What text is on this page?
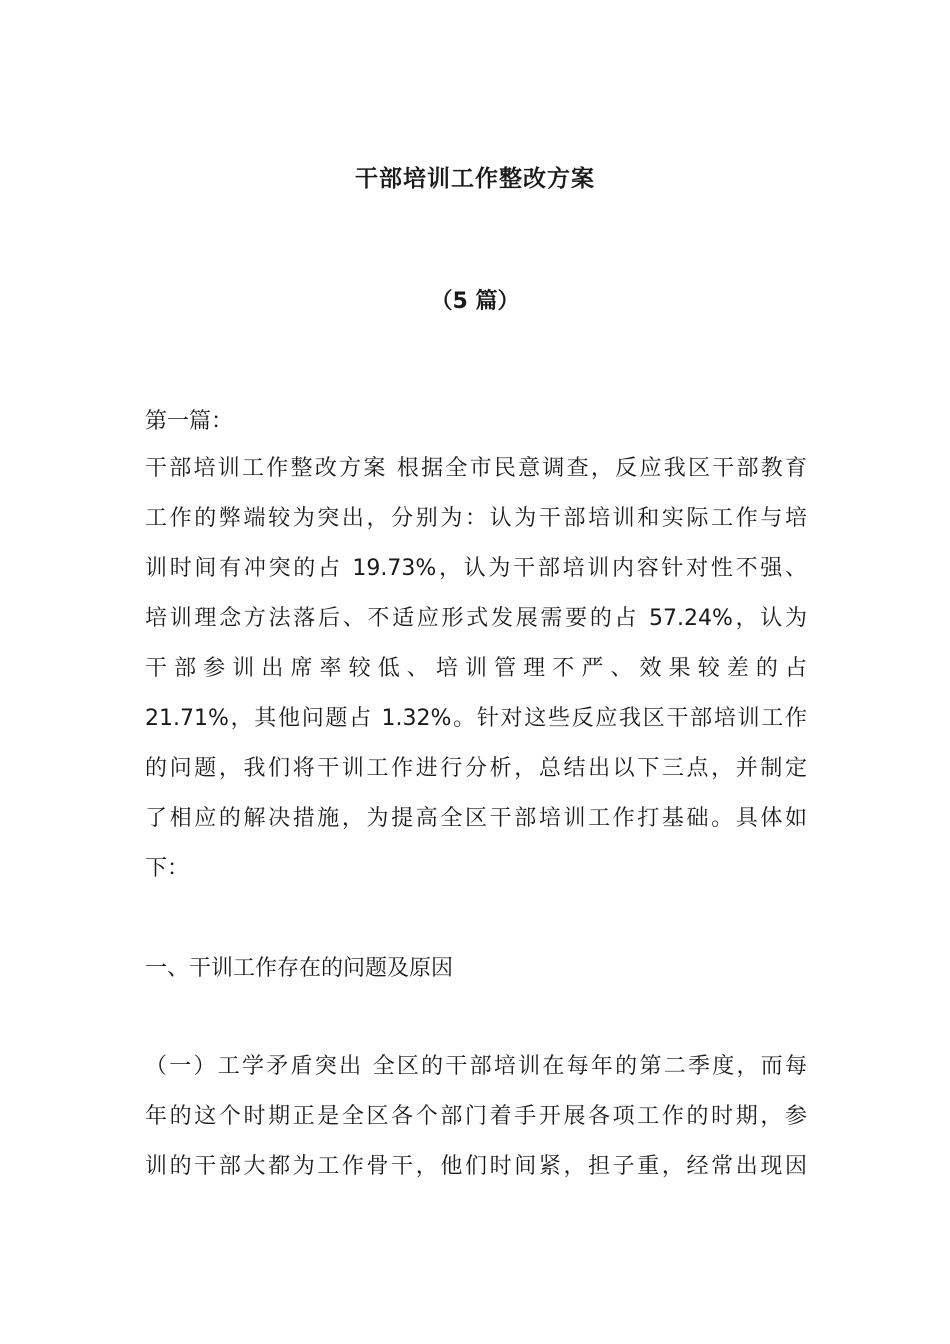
干部培训工作整改方案
（5 篇）
第一篇：
干部培训工作整改方案 根据全市民意调查，反应我区干部教育
工作的弊端较为突出，分别为：认为干部培训和实际工作与培
训时间有冲突的占 19.73%，认为干部培训内容针对性不强、
培训理念方法落后、不适应形式发展需要的占 57.24%，认为
干部参训出席率较低、培训管理不严、效果较差的占
21.71%，其他问题占 1.32%。针对这些反应我区干部培训工作
的问题，我们将干训工作进行分析，总结出以下三点，并制定
了相应的解决措施，为提高全区干部培训工作打基础。具体如
下：
一、干训工作存在的问题及原因
（一）工学矛盾突出 全区的干部培训在每年的第二季度，而每
年的这个时期正是全区各个部门着手开展各项工作的时期，参
训的干部大都为工作骨干，他们时间紧，担子重，经常出现因
